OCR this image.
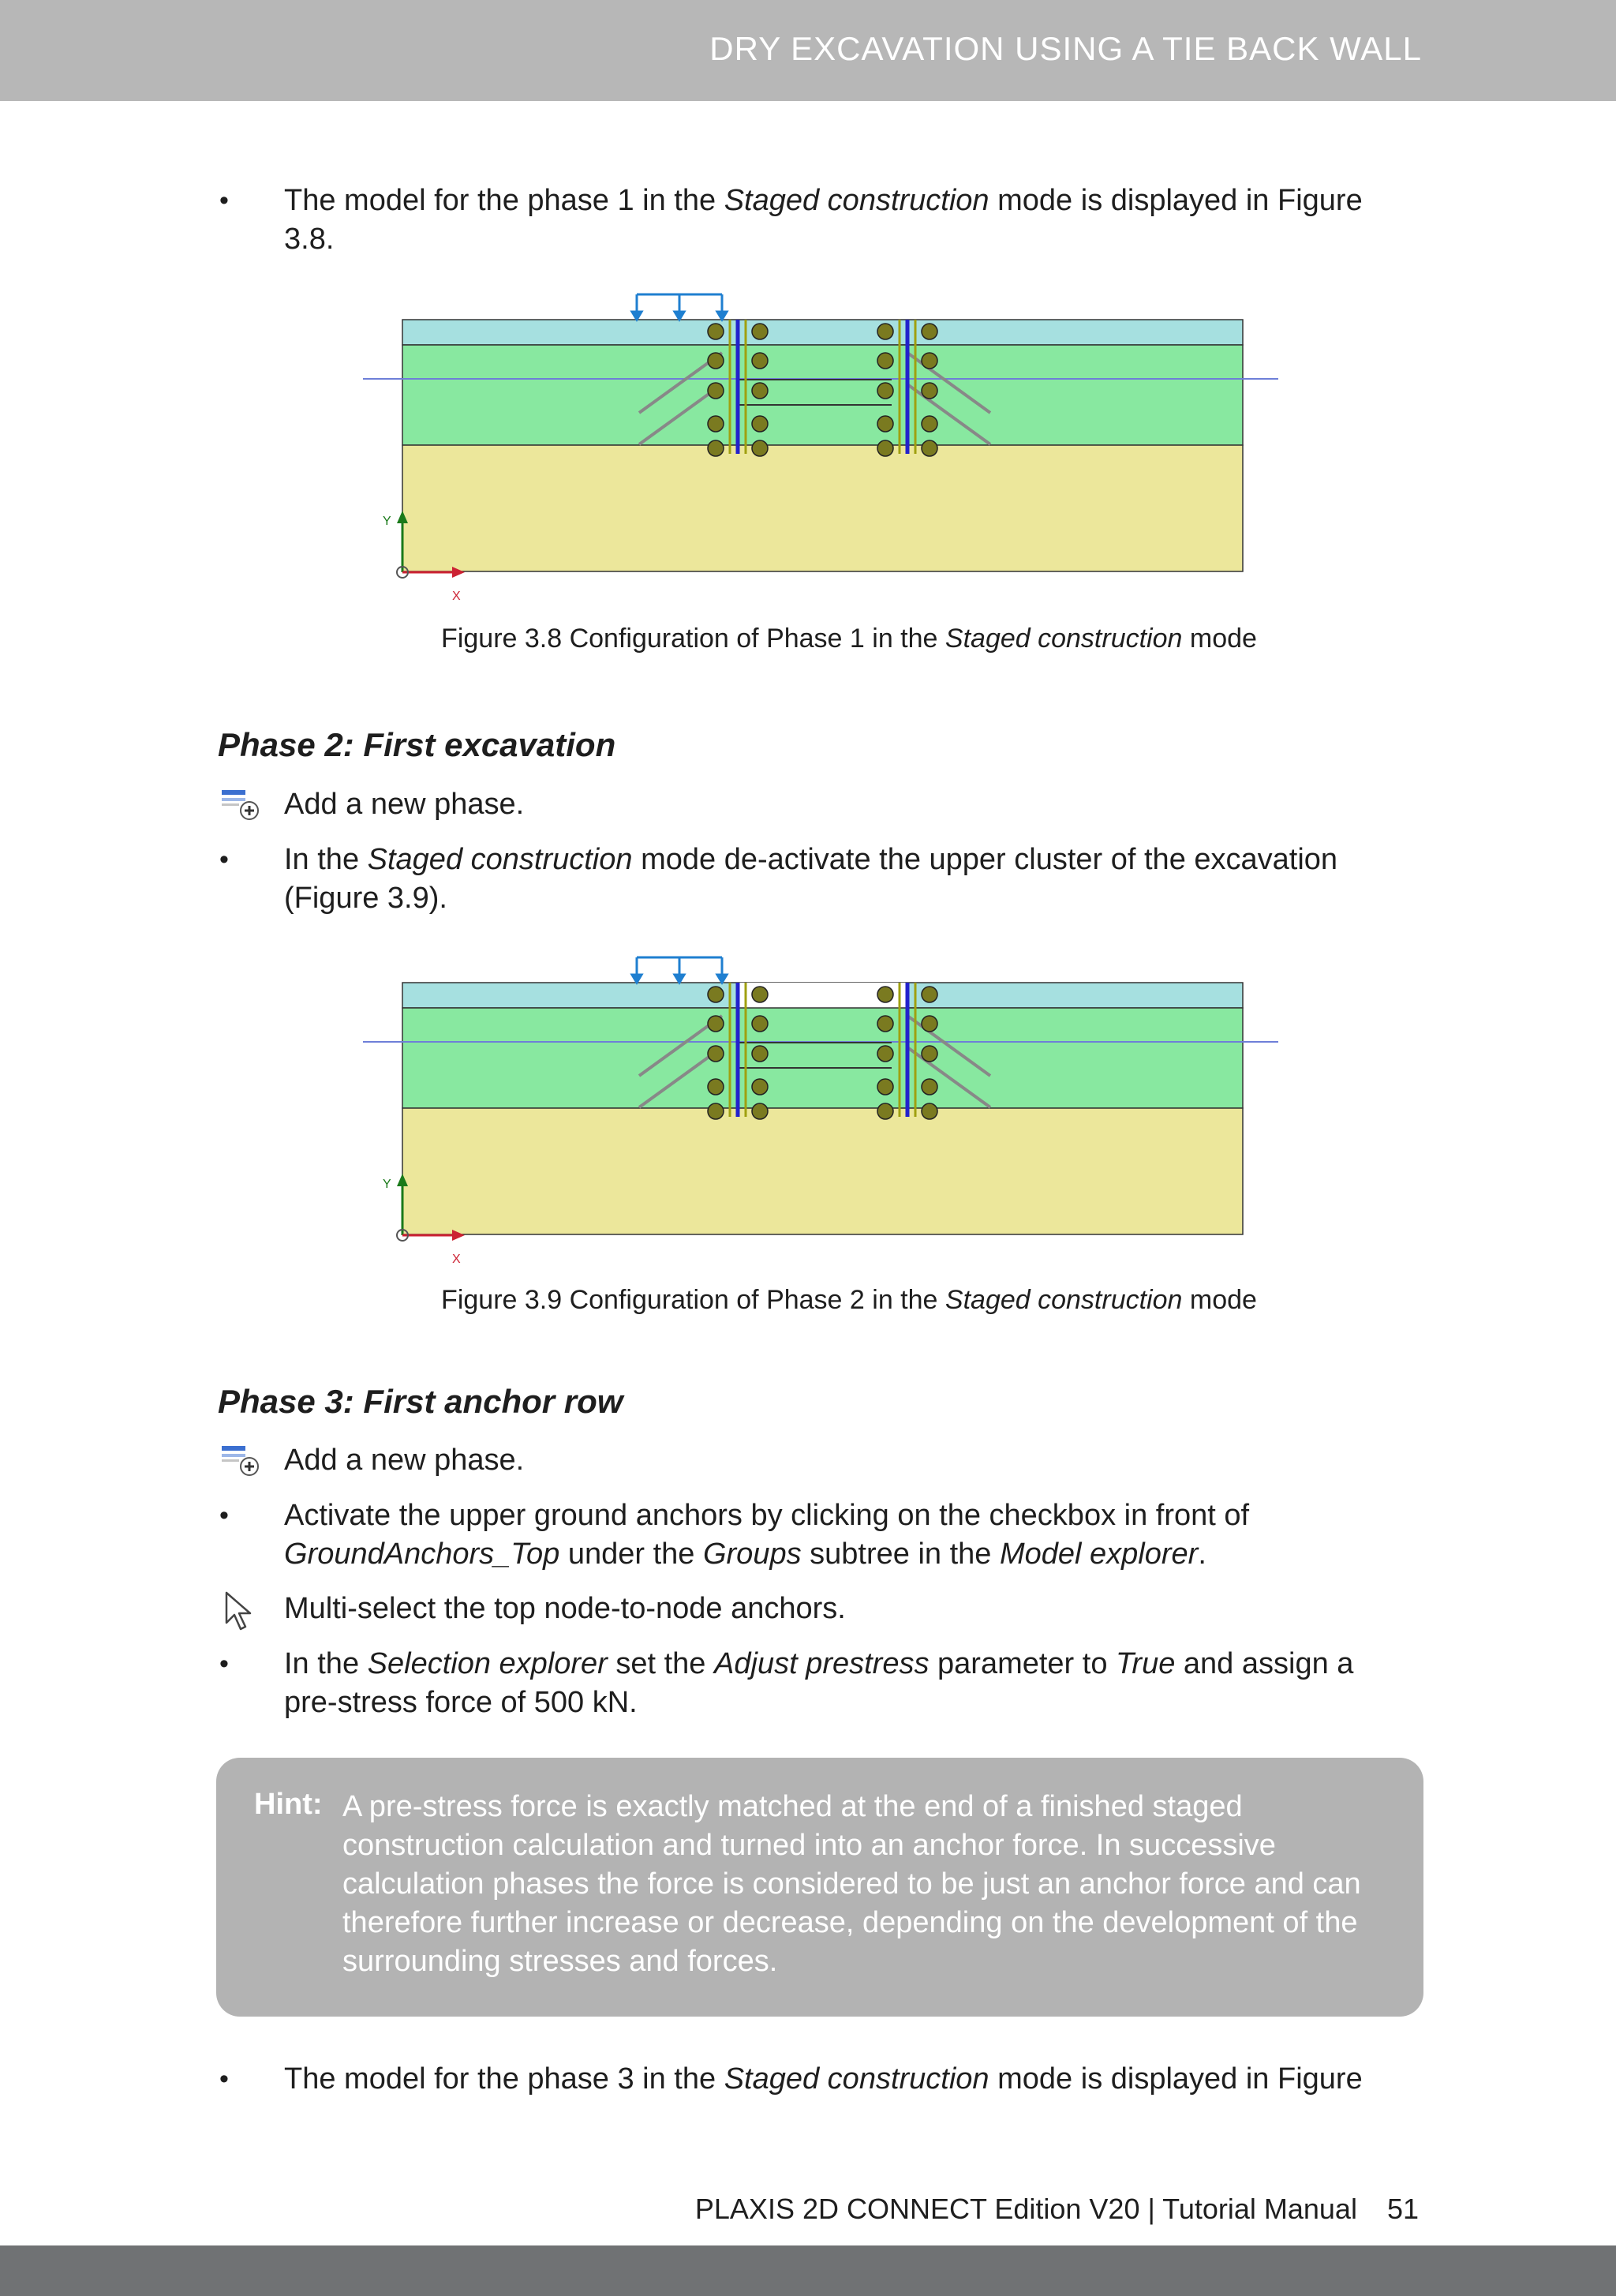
DRY EXCAVATION USING A TIE BACK WALL
•	The model for the phase 1 in the Staged construction mode is displayed in Figure
3.8.
Y
X
Figure 3.8 Configuration of Phase 1 in the Staged construction mode
Phase 2: First excavation
Add a new phase.
•	In the Staged construction mode de-activate the upper cluster of the excavation
(Figure 3.9).
Y
X
Figure 3.9 Configuration of Phase 2 in the Staged construction mode
Phase 3: First anchor row
Add a new phase.
•	Activate the upper ground anchors by clicking on the checkbox in front of
GroundAnchors_Top under the Groups subtree in the Model explorer.
Multi-select the top node-to-node anchors.
•	In the Selection explorer set the Adjust prestress parameter to True and assign a
pre-stress force of 500 kN.
Hint: A pre-stress force is exactly matched at the end of a finished staged construction calculation and turned into an anchor force. In successive calculation phases the force is considered to be just an anchor force and can therefore further increase or decrease, depending on the development of the surrounding stresses and forces.
•	The model for the phase 3 in the Staged construction mode is displayed in Figure
PLAXIS 2D CONNECT Edition V20 | Tutorial Manual 51
